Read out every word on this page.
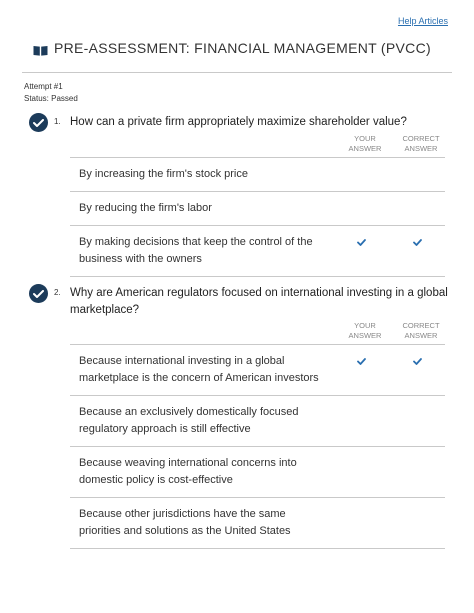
Help Articles
PRE-ASSESSMENT: FINANCIAL MANAGEMENT (PVCC)
Attempt #1
Status: Passed
1. How can a private firm appropriately maximize shareholder value?
YOUR ANSWER
CORRECT ANSWER
By increasing the firm's stock price
By reducing the firm's labor
By making decisions that keep the control of the business with the owners
2. Why are American regulators focused on international investing in a global marketplace?
YOUR ANSWER
CORRECT ANSWER
Because international investing in a global marketplace is the concern of American investors
Because an exclusively domestically focused regulatory approach is still effective
Because weaving international concerns into domestic policy is cost-effective
Because other jurisdictions have the same priorities and solutions as the United States
